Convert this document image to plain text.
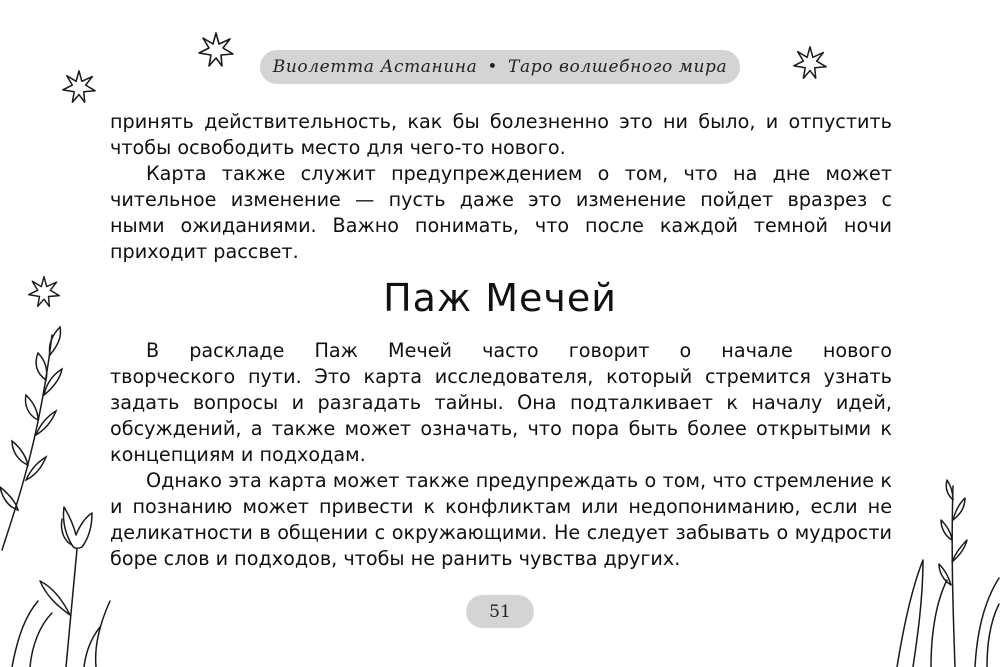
Виолетта Астанина • Таро волшебного мира
принять действительность, как бы болезненно это ни было, и отпустить
чтобы освободить место для чего-то нового.
Карта также служит предупреждением о том, что на дне может
чительное изменение — пусть даже это изменение пойдет вразрез с
ными ожиданиями. Важно понимать, что после каждой темной ночи
приходит рассвет.
Паж Мечей
В раскладе Паж Мечей часто говорит о начале нового
творческого пути. Это карта исследователя, который стремится узнать
задать вопросы и разгадать тайны. Она подталкивает к началу идей,
обсуждений, а также может означать, что пора быть более открытыми к
концепциям и подходам.
Однако эта карта может также предупреждать о том, что стремление к
и познанию может привести к конфликтам или недопониманию, если не
деликатности в общении с окружающими. Не следует забывать о мудрости
боре слов и подходов, чтобы не ранить чувства других.
51
